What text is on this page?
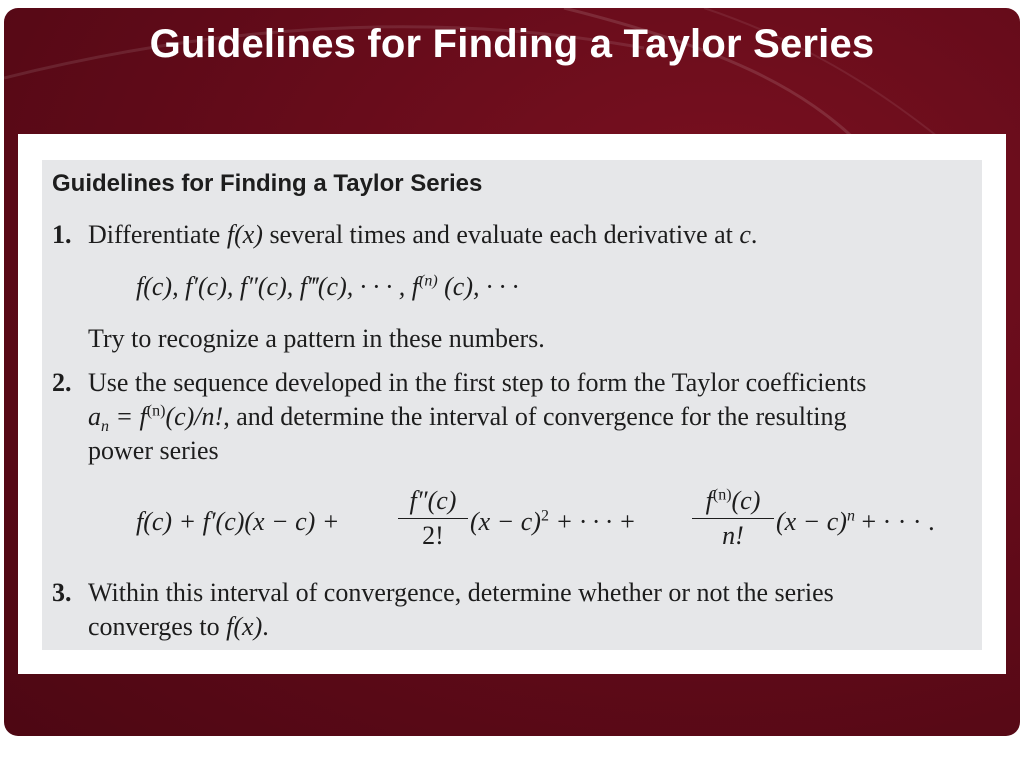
Guidelines for Finding a Taylor Series
Guidelines for Finding a Taylor Series
1. Differentiate f(x) several times and evaluate each derivative at c.
f(c), f′(c), f″(c), f‴(c), · · · , $f^{(n)}$ (c), · · ·
Try to recognize a pattern in these numbers.
2. Use the sequence developed in the first step to form the Taylor coefficients
$a_n = f^{(n)}(c)/n$!, and determine the interval of convergence for the resulting
power series
f(c) + f′(c)(x − c) +
f″(c)
2!	$(x - c)^2$ + · · · +
$f^{(n)}(c)$
n!	$(x - c)^n$ + · · · .
3. Within this interval of convergence, determine whether or not the series
converges to f(x).
